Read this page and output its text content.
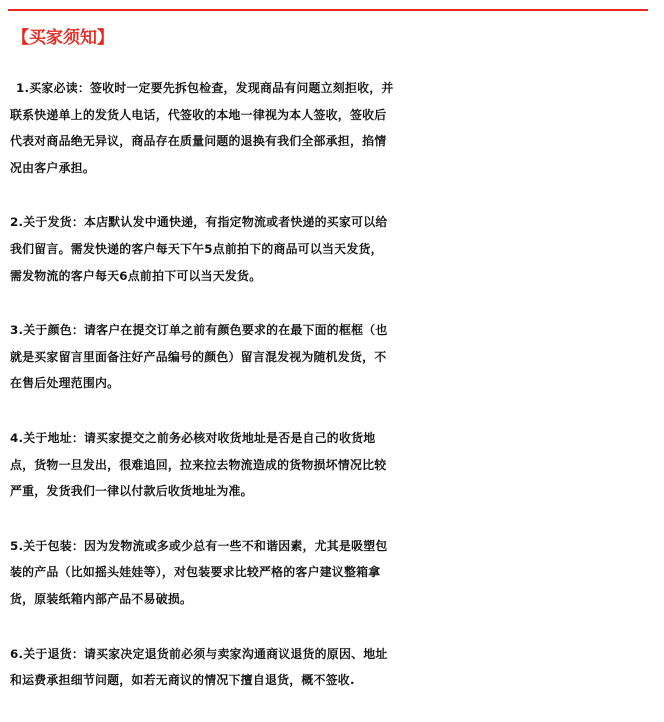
【买家须知】
1.买家必读：签收时一定要先拆包检查，发现商品有问题立刻拒收，并
联系快递单上的发货人电话，代签收的本地一律视为本人签收，签收后
代表对商品绝无异议，商品存在质量问题的退换有我们全部承担，掐情
况由客户承担。
2.关于发货：本店默认发中通快递，有指定物流或者快递的买家可以给
我们留言。需发快递的客户每天下午5点前拍下的商品可以当天发货，
需发物流的客户每天6点前拍下可以当天发货。
3.关于颜色：请客户在提交订单之前有颜色要求的在最下面的框框（也
就是买家留言里面备注好产品编号的颜色）留言混发视为随机发货，不
在售后处理范围内。
4.关于地址：请买家提交之前务必核对收货地址是否是自己的收货地
点，货物一旦发出，很难追回，拉来拉去物流造成的货物损坏情况比较
严重，发货我们一律以付款后收货地址为准。
5.关于包装：因为发物流或多或少总有一些不和谐因素，尤其是吸塑包
装的产品（比如摇头娃娃等），对包装要求比较严格的客户建议整箱拿
货，原装纸箱内部产品不易破损。
6.关于退货：请买家决定退货前必须与卖家沟通商议退货的原因、地址
和运费承担细节问题，如若无商议的情况下擅自退货，概不签收.
